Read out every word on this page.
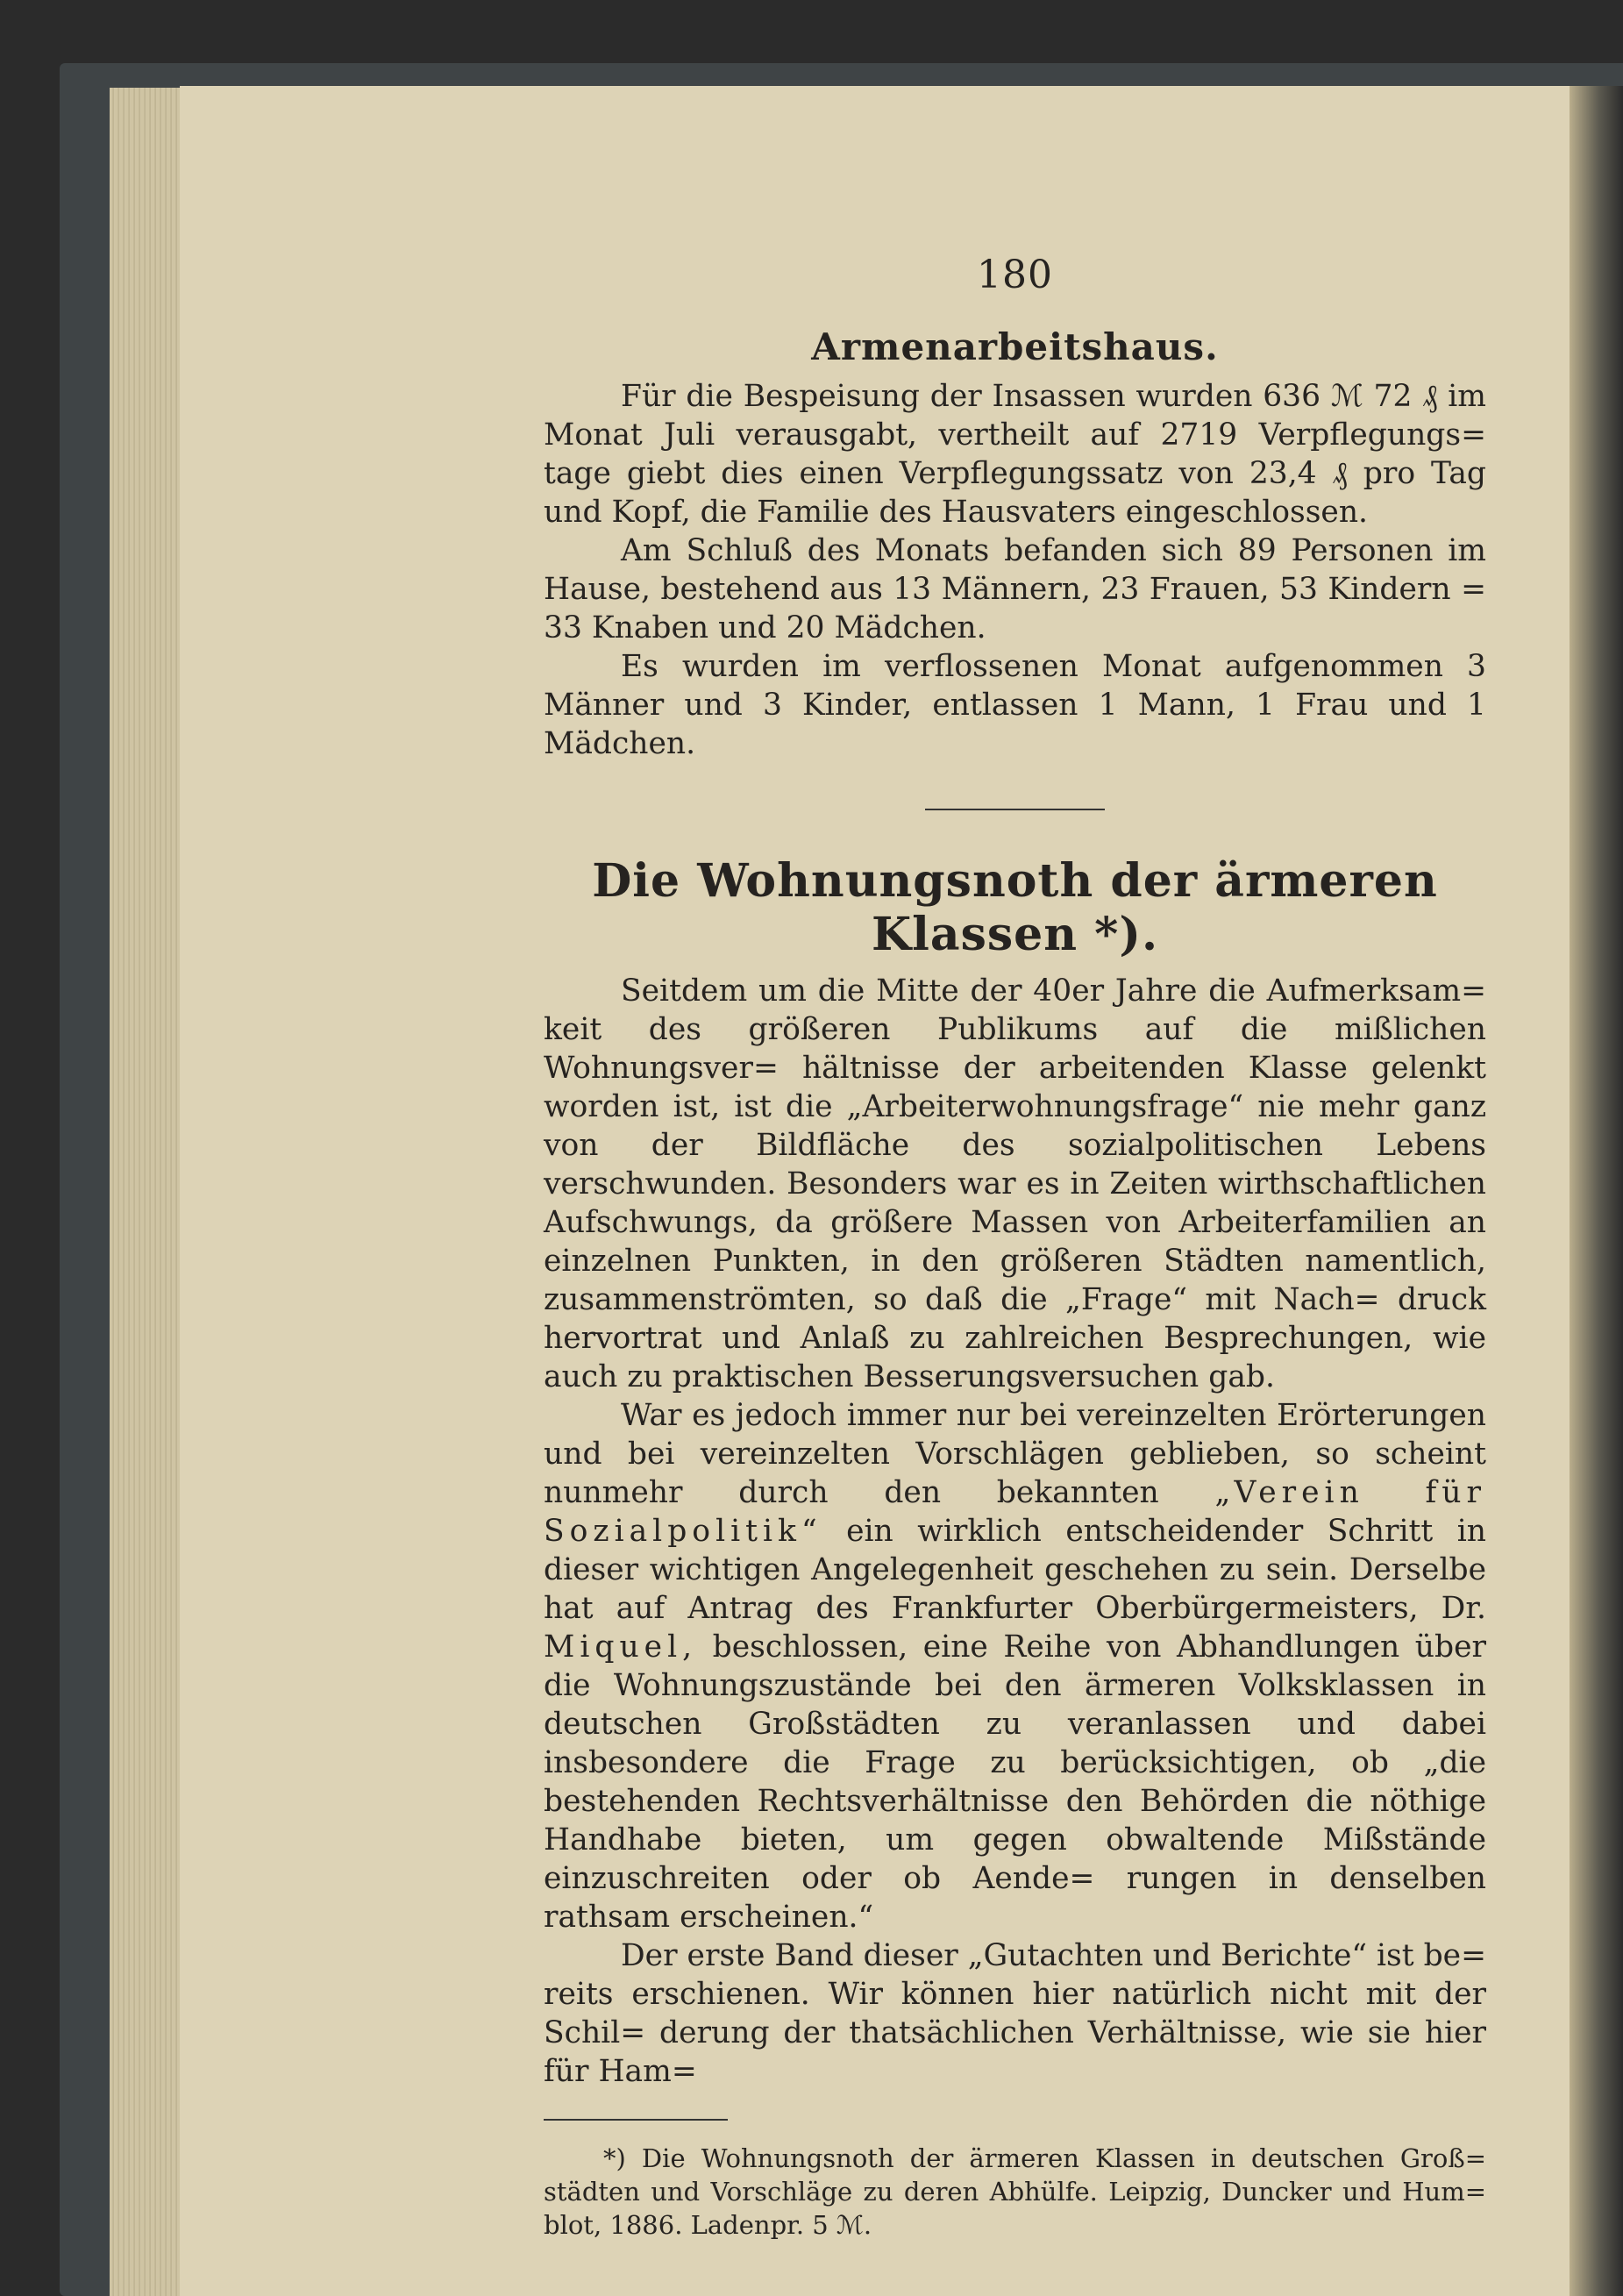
180
Armenarbeitshaus.

Für die Bespeisung der Insassen wurden 636 ℳ 72 ₰ im Monat Juli verausgabt, vertheilt auf 2719 Verpflegungs= tage giebt dies einen Verpflegungssatz von 23,4 ₰ pro Tag und Kopf, die Familie des Hausvaters eingeschlossen.

Am Schluß des Monats befanden sich 89 Personen im Hause, bestehend aus 13 Männern, 23 Frauen, 53 Kindern = 33 Knaben und 20 Mädchen.

Es wurden im verflossenen Monat aufgenommen 3 Männer und 3 Kinder, entlassen 1 Mann, 1 Frau und 1 Mädchen.

Die Wohnungsnoth der ärmeren Klassen *).

Seitdem um die Mitte der 40er Jahre die Aufmerksam= keit des größeren Publikums auf die mißlichen Wohnungsver= hältnisse der arbeitenden Klasse gelenkt worden ist, ist die „Arbeiterwohnungsfrage“ nie mehr ganz von der Bildfläche des sozialpolitischen Lebens verschwunden. Besonders war es in Zeiten wirthschaftlichen Aufschwungs, da größere Massen von Arbeiterfamilien an einzelnen Punkten, in den größeren Städten namentlich, zusammenströmten, so daß die „Frage“ mit Nach= druck hervortrat und Anlaß zu zahlreichen Besprechungen, wie auch zu praktischen Besserungsversuchen gab.

War es jedoch immer nur bei vereinzelten Erörterungen und bei vereinzelten Vorschlägen geblieben, so scheint nunmehr durch den bekannten „Verein für Sozialpolitik“ ein wirklich entscheidender Schritt in dieser wichtigen Angelegenheit geschehen zu sein. Derselbe hat auf Antrag des Frankfurter Oberbürgermeisters, Dr. Miquel, beschlossen, eine Reihe von Abhandlungen über die Wohnungszustände bei den ärmeren Volksklassen in deutschen Großstädten zu veranlassen und dabei insbesondere die Frage zu berücksichtigen, ob „die bestehenden Rechtsverhältnisse den Behörden die nöthige Handhabe bieten, um gegen obwaltende Mißstände einzuschreiten oder ob Aende= rungen in denselben rathsam erscheinen.“

Der erste Band dieser „Gutachten und Berichte“ ist be= reits erschienen. Wir können hier natürlich nicht mit der Schil= derung der thatsächlichen Verhältnisse, wie sie hier für Ham=

*) Die Wohnungsnoth der ärmeren Klassen in deutschen Groß= städten und Vorschläge zu deren Abhülfe. Leipzig, Duncker und Hum= blot, 1886. Ladenpr. 5 ℳ.
